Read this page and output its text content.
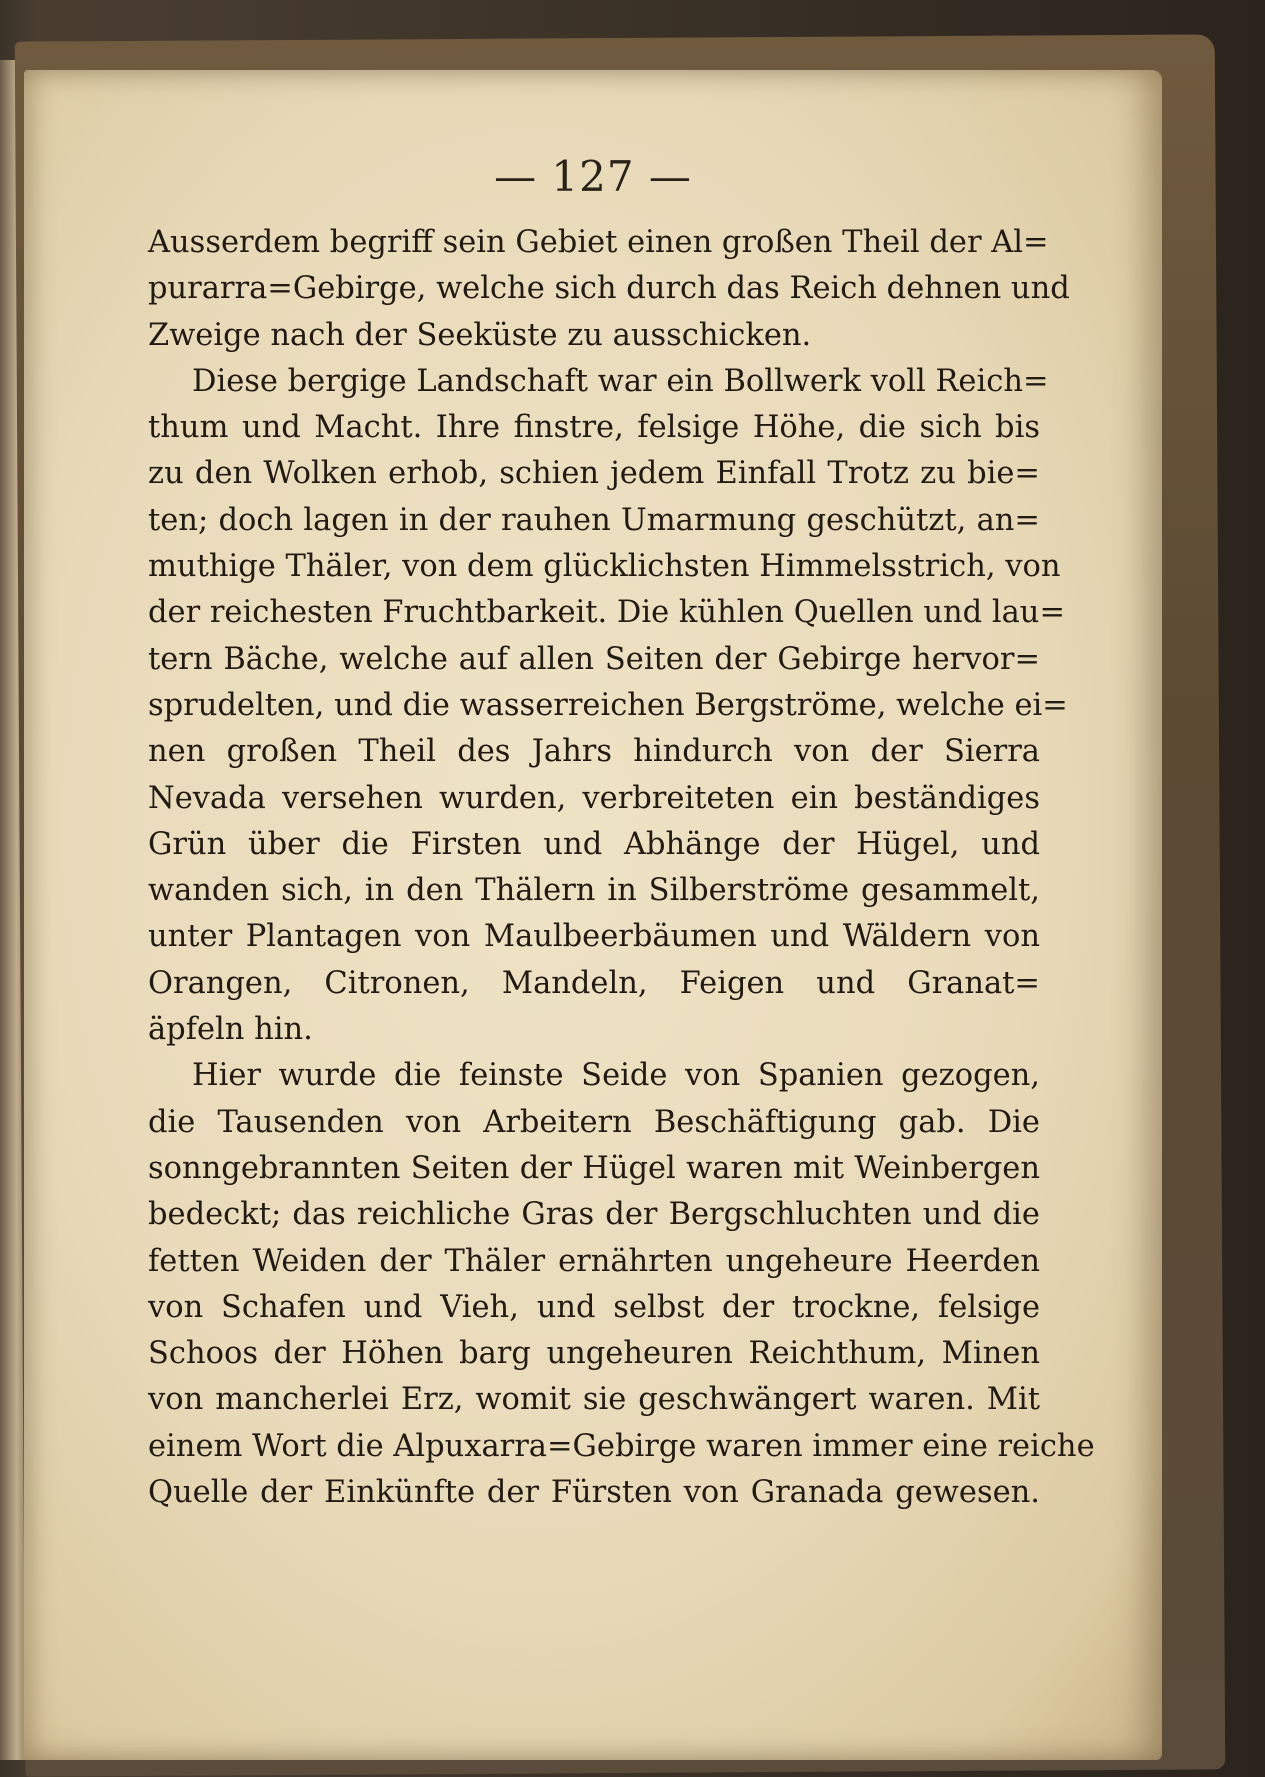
— 127 —
Ausserdem begriff sein Gebiet einen großen Theil der Al=
purarra=Gebirge, welche sich durch das Reich dehnen und
Zweige nach der Seeküste zu ausschicken.
Diese bergige Landschaft war ein Bollwerk voll Reich=
thum und Macht. Ihre finstre, felsige Höhe, die sich bis
zu den Wolken erhob, schien jedem Einfall Trotz zu bie=
ten; doch lagen in der rauhen Umarmung geschützt, an=
muthige Thäler, von dem glücklichsten Himmelsstrich, von
der reichesten Fruchtbarkeit. Die kühlen Quellen und lau=
tern Bäche, welche auf allen Seiten der Gebirge hervor=
sprudelten, und die wasserreichen Bergströme, welche ei=
nen großen Theil des Jahrs hindurch von der Sierra
Nevada versehen wurden, verbreiteten ein beständiges
Grün über die Firsten und Abhänge der Hügel, und
wanden sich, in den Thälern in Silberströme gesammelt,
unter Plantagen von Maulbeerbäumen und Wäldern von
Orangen, Citronen, Mandeln, Feigen und Granat=
äpfeln hin.
Hier wurde die feinste Seide von Spanien gezogen,
die Tausenden von Arbeitern Beschäftigung gab. Die
sonngebrannten Seiten der Hügel waren mit Weinbergen
bedeckt; das reichliche Gras der Bergschluchten und die
fetten Weiden der Thäler ernährten ungeheure Heerden
von Schafen und Vieh, und selbst der trockne, felsige
Schoos der Höhen barg ungeheuren Reichthum, Minen
von mancherlei Erz, womit sie geschwängert waren. Mit
einem Wort die Alpuxarra=Gebirge waren immer eine reiche
Quelle der Einkünfte der Fürsten von Granada gewesen.
